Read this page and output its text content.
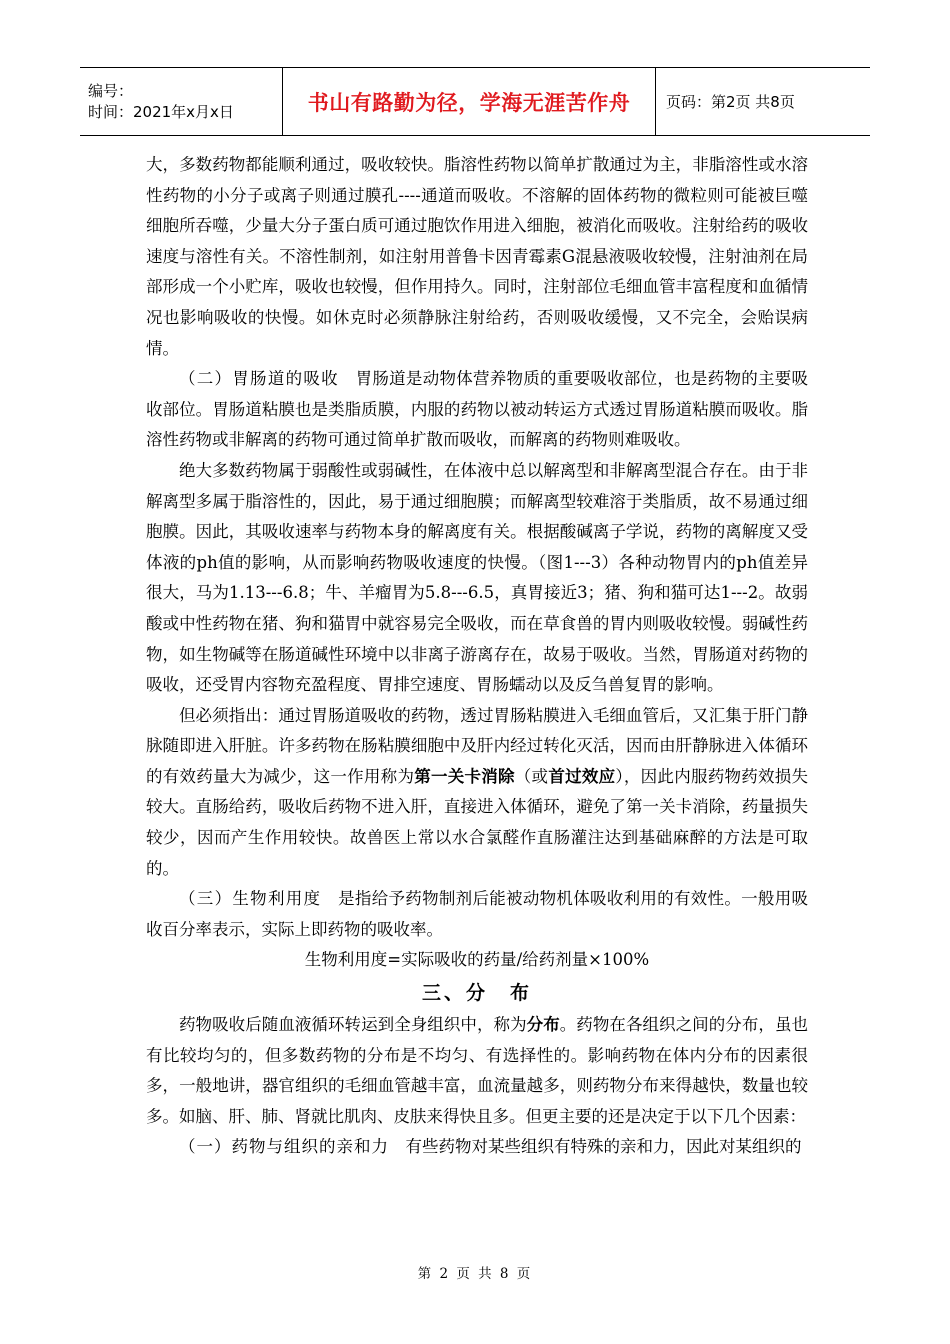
编号：
时间：2021年x月x日	书山有路勤为径，学海无涯苦作舟	页码：第2页 共8页

大，多数药物都能顺利通过，吸收较快。脂溶性药物以简单扩散通过为主，非脂溶性或水溶性药物的小分子或离子则通过膜孔----通道而吸收。不溶解的固体药物的微粒则可能被巨噬细胞所吞噬，少量大分子蛋白质可通过胞饮作用进入细胞，被消化而吸收。注射给药的吸收速度与溶性有关。不溶性制剂，如注射用普鲁卡因青霉素G混悬液吸收较慢，注射油剂在局部形成一个小贮库，吸收也较慢，但作用持久。同时，注射部位毛细血管丰富程度和血循情况也影响吸收的快慢。如休克时必须静脉注射给药，否则吸收缓慢，又不完全，会贻误病情。

（二）胃肠道的吸收　胃肠道是动物体营养物质的重要吸收部位，也是药物的主要吸收部位。胃肠道粘膜也是类脂质膜，内服的药物以被动转运方式透过胃肠道粘膜而吸收。脂溶性药物或非解离的药物可通过简单扩散而吸收，而解离的药物则难吸收。

绝大多数药物属于弱酸性或弱碱性，在体液中总以解离型和非解离型混合存在。由于非解离型多属于脂溶性的，因此，易于通过细胞膜；而解离型较难溶于类脂质，故不易通过细胞膜。因此，其吸收速率与药物本身的解离度有关。根据酸碱离子学说，药物的离解度又受体液的ph值的影响，从而影响药物吸收速度的快慢。（图1---3）各种动物胃内的ph值差异很大，马为1.13---6.8；牛、羊瘤胃为5.8---6.5，真胃接近3；猪、狗和猫可达1---2。故弱酸或中性药物在猪、狗和猫胃中就容易完全吸收，而在草食兽的胃内则吸收较慢。弱碱性药物，如生物碱等在肠道碱性环境中以非离子游离存在，故易于吸收。当然，胃肠道对药物的吸收，还受胃内容物充盈程度、胃排空速度、胃肠蠕动以及反刍兽复胃的影响。

但必须指出：通过胃肠道吸收的药物，透过胃肠粘膜进入毛细血管后，又汇集于肝门静脉随即进入肝脏。许多药物在肠粘膜细胞中及肝内经过转化灭活，因而由肝静脉进入体循环的有效药量大为减少，这一作用称为第一关卡消除（或首过效应），因此内服药物药效损失较大。直肠给药，吸收后药物不进入肝，直接进入体循环，避免了第一关卡消除，药量损失较少，因而产生作用较快。故兽医上常以水合氯醛作直肠灌注达到基础麻醉的方法是可取的。

（三）生物利用度　是指给予药物制剂后能被动物机体吸收利用的有效性。一般用吸收百分率表示，实际上即药物的吸收率。

生物利用度=实际吸收的药量/给药剂量×100%

三、分　布

药物吸收后随血液循环转运到全身组织中，称为分布。药物在各组织之间的分布，虽也有比较均匀的，但多数药物的分布是不均匀、有选择性的。影响药物在体内分布的因素很多，一般地讲，器官组织的毛细血管越丰富，血流量越多，则药物分布来得越快，数量也较多。如脑、肝、肺、肾就比肌肉、皮肤来得快且多。但更主要的还是决定于以下几个因素：

（一）药物与组织的亲和力　有些药物对某些组织有特殊的亲和力，因此对某组织的

第 2 页 共 8 页
